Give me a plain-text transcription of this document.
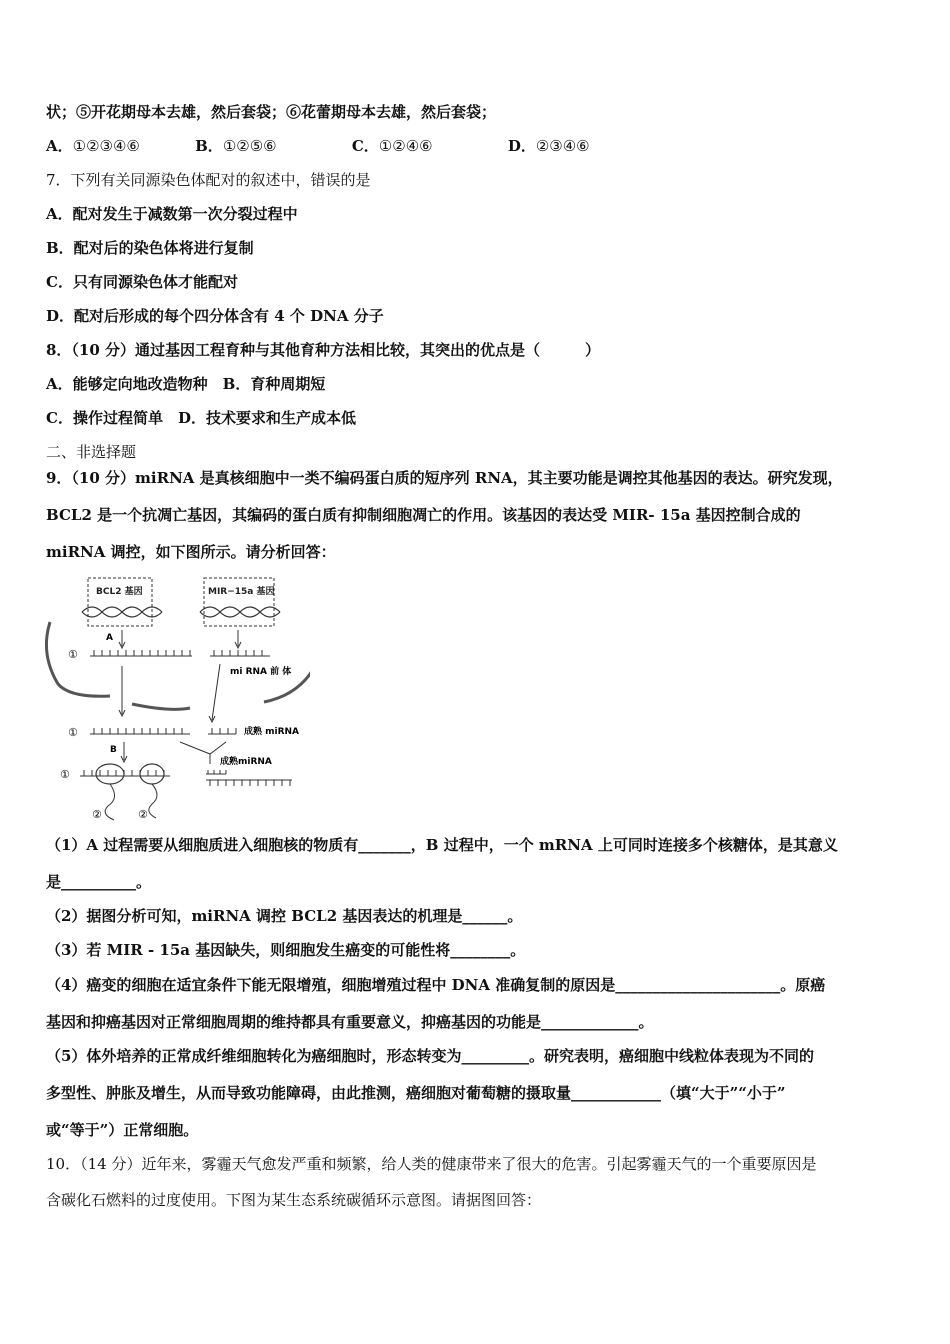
状；⑤开花期母本去雄，然后套袋；⑥花蕾期母本去雄，然后套袋；
A．①②③④⑥	B．①②⑤⑥	C．①②④⑥	D．②③④⑥
7．下列有关同源染色体配对的叙述中，错误的是
A．配对发生于减数第一次分裂过程中
B．配对后的染色体将进行复制
C．只有同源染色体才能配对
D．配对后形成的每个四分体含有 4 个 DNA 分子
8．（10 分）通过基因工程育种与其他育种方法相比较，其突出的优点是（　　　）
A．能够定向地改造物种　B．育种周期短
C．操作过程简单　D．技术要求和生产成本低
二、非选择题
9．（10 分）miRNA 是真核细胞中一类不编码蛋白质的短序列 RNA，其主要功能是调控其他基因的表达。研究发现，
BCL2 是一个抗凋亡基因，其编码的蛋白质有抑制细胞凋亡的作用。该基因的表达受 MIR- 15a 基因控制合成的
miRNA 调控，如下图所示。请分析回答：
BCL2 基因	MIR−15a 基因
A
①
mi RNA 前 体
①	成熟 miRNA
B
成熟miRNA
①
②	②
（1）A 过程需要从细胞质进入细胞核的物质有_______，B 过程中，一个 mRNA 上可同时连接多个核糖体，是其意义
是__________。
（2）据图分析可知，miRNA 调控 BCL2 基因表达的机理是______。
（3）若 MIR - 15a 基因缺失，则细胞发生癌变的可能性将________。
（4）癌变的细胞在适宜条件下能无限增殖，细胞增殖过程中 DNA 准确复制的原因是______________________。原癌
基因和抑癌基因对正常细胞周期的维持都具有重要意义，抑癌基因的功能是_____________。
（5）体外培养的正常成纤维细胞转化为癌细胞时，形态转变为_________。研究表明，癌细胞中线粒体表现为不同的
多型性、肿胀及增生，从而导致功能障碍，由此推测，癌细胞对葡萄糖的摄取量____________（填“大于”“小于”
或“等于”）正常细胞。
10．（14 分）近年来，雾霾天气愈发严重和频繁，给人类的健康带来了很大的危害。引起雾霾天气的一个重要原因是
含碳化石燃料的过度使用。下图为某生态系统碳循环示意图。请据图回答：
